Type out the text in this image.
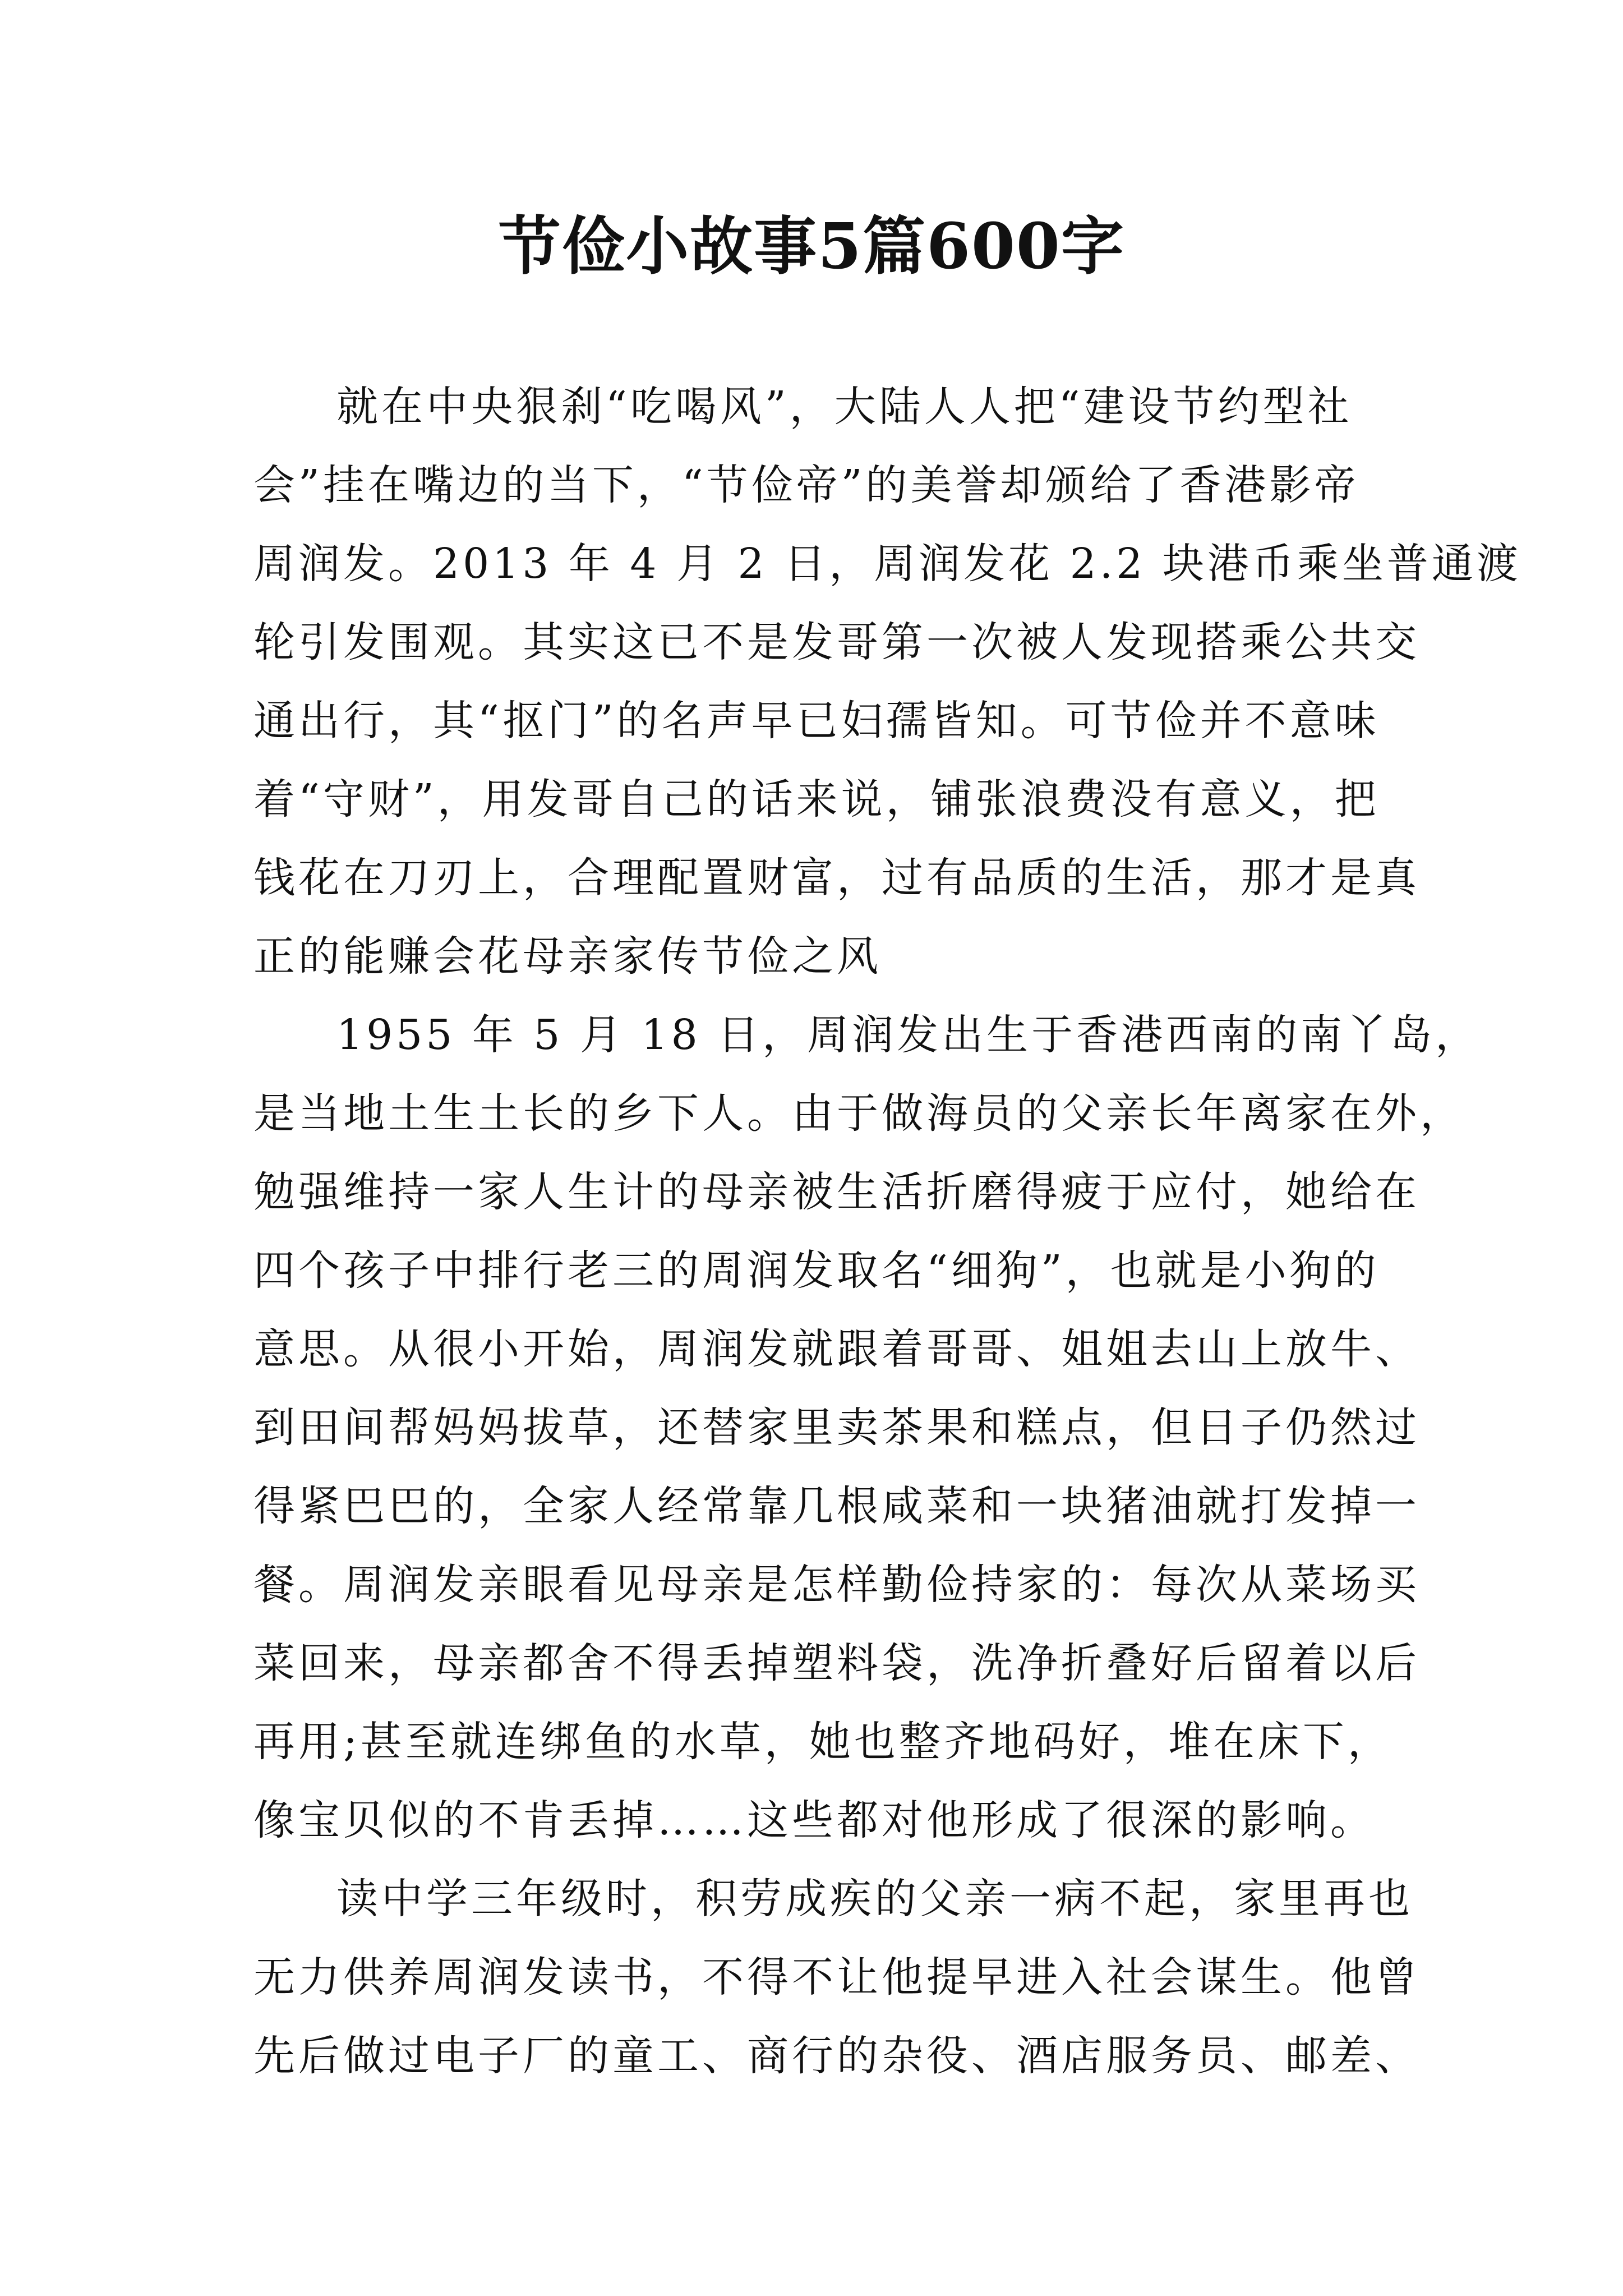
节俭小故事5篇600字
就在中央狠刹“吃喝风”，大陆人人把“建设节约型社
会”挂在嘴边的当下，“节俭帝”的美誉却颁给了香港影帝
周润发。2013 年 4 月 2 日，周润发花 2.2 块港币乘坐普通渡
轮引发围观。其实这已不是发哥第一次被人发现搭乘公共交
通出行，其“抠门”的名声早已妇孺皆知。可节俭并不意味
着“守财”，用发哥自己的话来说，铺张浪费没有意义，把
钱花在刀刃上，合理配置财富，过有品质的生活，那才是真
正的能赚会花母亲家传节俭之风
1955 年 5 月 18 日，周润发出生于香港西南的南丫岛，
是当地土生土长的乡下人。由于做海员的父亲长年离家在外，
勉强维持一家人生计的母亲被生活折磨得疲于应付，她给在
四个孩子中排行老三的周润发取名“细狗”，也就是小狗的
意思。从很小开始，周润发就跟着哥哥、姐姐去山上放牛、
到田间帮妈妈拔草，还替家里卖茶果和糕点，但日子仍然过
得紧巴巴的，全家人经常靠几根咸菜和一块猪油就打发掉一
餐。周润发亲眼看见母亲是怎样勤俭持家的：每次从菜场买
菜回来，母亲都舍不得丢掉塑料袋，洗净折叠好后留着以后
再用;甚至就连绑鱼的水草，她也整齐地码好，堆在床下，
像宝贝似的不肯丢掉……这些都对他形成了很深的影响。
读中学三年级时，积劳成疾的父亲一病不起，家里再也
无力供养周润发读书，不得不让他提早进入社会谋生。他曾
先后做过电子厂的童工、商行的杂役、酒店服务员、邮差、
